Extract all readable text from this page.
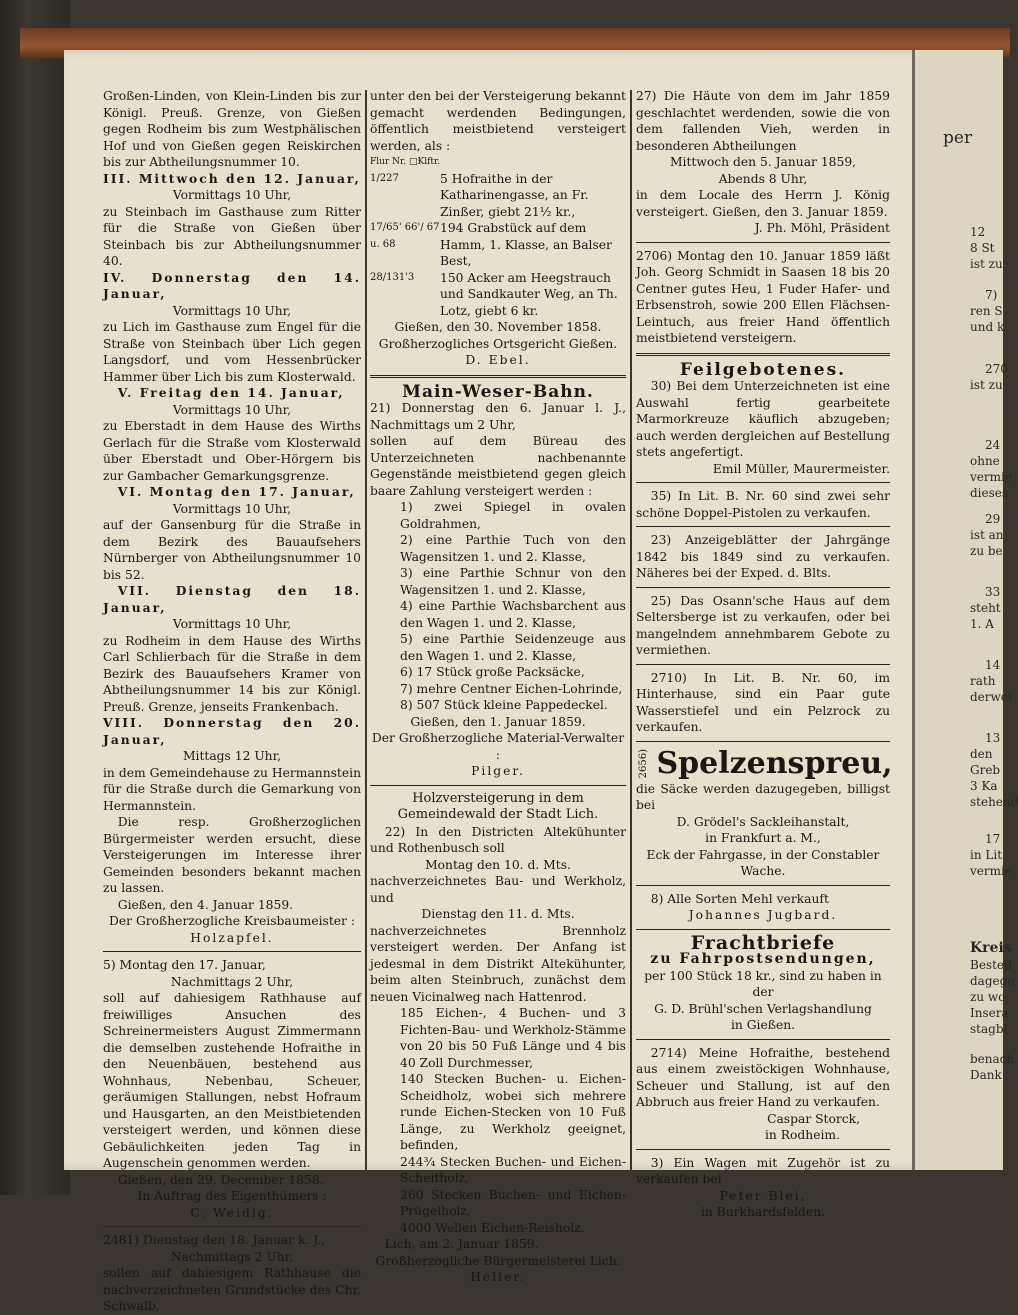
Großen-Linden, von Klein-Linden bis zur Königl. Preuß. Grenze, von Gießen gegen Rodheim bis zum Westphälischen Hof und von Gießen gegen Reiskirchen bis zur Abtheilungsnummer 10.

III. Mittwoch den 12. Januar,

Vormittags 10 Uhr,

zu Steinbach im Gasthause zum Ritter für die Straße von Gießen über Steinbach bis zur Abtheilungsnummer 40.

IV. Donnerstag den 14. Januar,

Vormittags 10 Uhr,

zu Lich im Gasthause zum Engel für die Straße von Steinbach über Lich gegen Langsdorf, und vom Hessenbrücker Hammer über Lich bis zum Klosterwald.

V. Freitag den 14. Januar,

Vormittags 10 Uhr,

zu Eberstadt in dem Hause des Wirths Gerlach für die Straße vom Klosterwald über Eberstadt und Ober-Hörgern bis zur Gambacher Gemarkungsgrenze.

VI. Montag den 17. Januar,

Vormittags 10 Uhr,

auf der Gansenburg für die Straße in dem Bezirk des Bauaufsehers Nürnberger von Abtheilungsnummer 10 bis 52.

VII. Dienstag den 18. Januar,

Vormittags 10 Uhr,

zu Rodheim in dem Hause des Wirths Carl Schlierbach für die Straße in dem Bezirk des Bauaufsehers Kramer von Abtheilungsnummer 14 bis zur Königl. Preuß. Grenze, jenseits Frankenbach.

VIII. Donnerstag den 20. Januar,

Mittags 12 Uhr,

in dem Gemeindehause zu Hermannstein für die Straße durch die Gemarkung von Hermannstein.

Die resp. Großherzoglichen Bürgermeister werden ersucht, diese Versteigerungen im Interesse ihrer Gemeinden besonders bekannt machen zu lassen.

Gießen, den 4. Januar 1859.

Der Großherzogliche Kreisbaumeister :

Holzapfel.

5) Montag den 17. Januar,

Nachmittags 2 Uhr,

soll auf dahiesigem Rathhause auf freiwilliges Ansuchen des Schreinermeisters August Zimmermann die demselben zustehende Hofraithe in den Neuenbäuen, bestehend aus Wohnhaus, Nebenbau, Scheuer, geräumigen Stallungen, nebst Hofraum und Hausgarten, an den Meistbietenden versteigert werden, und können diese Gebäulichkeiten jeden Tag in Augenschein genommen werden.

Gießen, den 29. December 1858.

In Auftrag des Eigenthümers :

C. Weidig.

2481) Dienstag den 18. Januar k. J.,

Nachmittags 2 Uhr,

sollen auf dahiesigem Rathhause die nachverzeichneten Grundstücke des Chr. Schwalb,

unter den bei der Versteigerung bekannt gemacht werdenden Bedingungen, öffentlich meistbietend versteigert werden, als :

Flur Nr. □Klftr.

1/227	5 Hofraithe in der Katharinengasse, an Fr. Zinßer, giebt 21½ kr.,
17/65' 66'/ 67 u. 68
194 Grabstück auf dem Hamm, 1. Klasse, an Balser Best,
28/131'3	150 Acker am Heegstrauch und Sandkauter Weg, an Th. Lotz, giebt 6 kr.

Gießen, den 30. November 1858.

Großherzogliches Ortsgericht Gießen.

D. Ebel.

Main-Weser-Bahn.

21) Donnerstag den 6. Januar l. J., Nachmittags um 2 Uhr,

sollen auf dem Büreau des Unterzeichneten nachbenannte Gegenstände meistbietend gegen gleich baare Zahlung versteigert werden :

1) zwei Spiegel in ovalen Goldrahmen,

2) eine Parthie Tuch von den Wagensitzen 1. und 2. Klasse,

3) eine Parthie Schnur von den Wagensitzen 1. und 2. Klasse,

4) eine Parthie Wachsbarchent aus den Wagen 1. und 2. Klasse,

5) eine Parthie Seidenzeuge aus den Wagen 1. und 2. Klasse,

6) 17 Stück große Packsäcke,

7) mehre Centner Eichen-Lohrinde,

8) 507 Stück kleine Pappedeckel.

Gießen, den 1. Januar 1859.

Der Großherzogliche Material-Verwalter :

Pilger.

Holzversteigerung in dem Gemeindewald der Stadt Lich.

22) In den Districten Altekühunter und Rothenbusch soll

Montag den 10. d. Mts.

nachverzeichnetes Bau- und Werkholz, und

Dienstag den 11. d. Mts.

nachverzeichnetes Brennholz versteigert werden. Der Anfang ist jedesmal in dem Distrikt Altekühunter, beim alten Steinbruch, zunächst dem neuen Vicinalweg nach Hattenrod.

185 Eichen-, 4 Buchen- und 3 Fichten-Bau- und Werkholz-Stämme von 20 bis 50 Fuß Länge und 4 bis 40 Zoll Durchmesser,

140 Stecken Buchen- u. Eichen-Scheidholz, wobei sich mehrere runde Eichen-Stecken von 10 Fuß Länge, zu Werkholz geeignet, befinden,

244¾ Stecken Buchen- und Eichen-Scheitholz,

260 Stecken Buchen- und Eichen-Prügelholz,

4000 Wellen Eichen-Reisholz.

Lich, am 2. Januar 1859.

Großherzogliche Bürgermeisterei Lich.

Heller.

27) Die Häute von dem im Jahr 1859 geschlachtet werdenden, sowie die von dem fallenden Vieh, werden in besonderen Abtheilungen

Mittwoch den 5. Januar 1859,

Abends 8 Uhr,

in dem Locale des Herrn J. König versteigert. Gießen, den 3. Januar 1859.

J. Ph. Möhl, Präsident

2706) Montag den 10. Januar 1859 läßt Joh. Georg Schmidt in Saasen 18 bis 20 Centner gutes Heu, 1 Fuder Hafer- und Erbsenstroh, sowie 200 Ellen Flächsen-Leintuch, aus freier Hand öffentlich meistbietend versteigern.

Feilgebotenes.

30) Bei dem Unterzeichneten ist eine Auswahl fertig gearbeitete Marmorkreuze käuflich abzugeben; auch werden dergleichen auf Bestellung stets angefertigt.

Emil Müller, Maurermeister.

35) In Lit. B. Nr. 60 sind zwei sehr schöne Doppel-Pistolen zu verkaufen.

23) Anzeigeblätter der Jahrgänge 1842 bis 1849 sind zu verkaufen. Näheres bei der Exped. d. Blts.

25) Das Osann'sche Haus auf dem Seltersberge ist zu verkaufen, oder bei mangelndem annehmbarem Gebote zu vermiethen.

2710) In Lit. B. Nr. 60, im Hinterhause, sind ein Paar gute Wasserstiefel und ein Pelzrock zu verkaufen.

2656) Spelzenspreu,

die Säcke werden dazugegeben, billigst bei

D. Grödel's Sackleihanstalt,

in Frankfurt a. M.,

Eck der Fahrgasse, in der Constabler Wache.

8) Alle Sorten Mehl verkauft

Johannes Jugbard.

Frachtbriefe

zu Fahrpostsendungen,

per 100 Stück 18 kr., sind zu haben in der

G. D. Brühl'schen Verlagshandlung

in Gießen.

2714) Meine Hofraithe, bestehend aus einem zweistöckigen Wohnhause, Scheuer und Stallung, ist auf den Abbruch aus freier Hand zu verkaufen.

Caspar Storck,

in Rodheim.

3) Ein Wagen mit Zugehör ist zu verkaufen bei

Peter Blei,

in Burkhardsfelden.

per
12
8 St
ist zu
7)
ren S
und k
270
ist zu
24
ohne
vermie
dieses
29
ist an
zu be
33
steht
1. A
14
rath
derwei
13
den
Greb
3 Ka
stehend
17
in Lit.
vermie
Kreis
Bestell
dagege
zu wo
Insera
stagbl
benach
Dank
